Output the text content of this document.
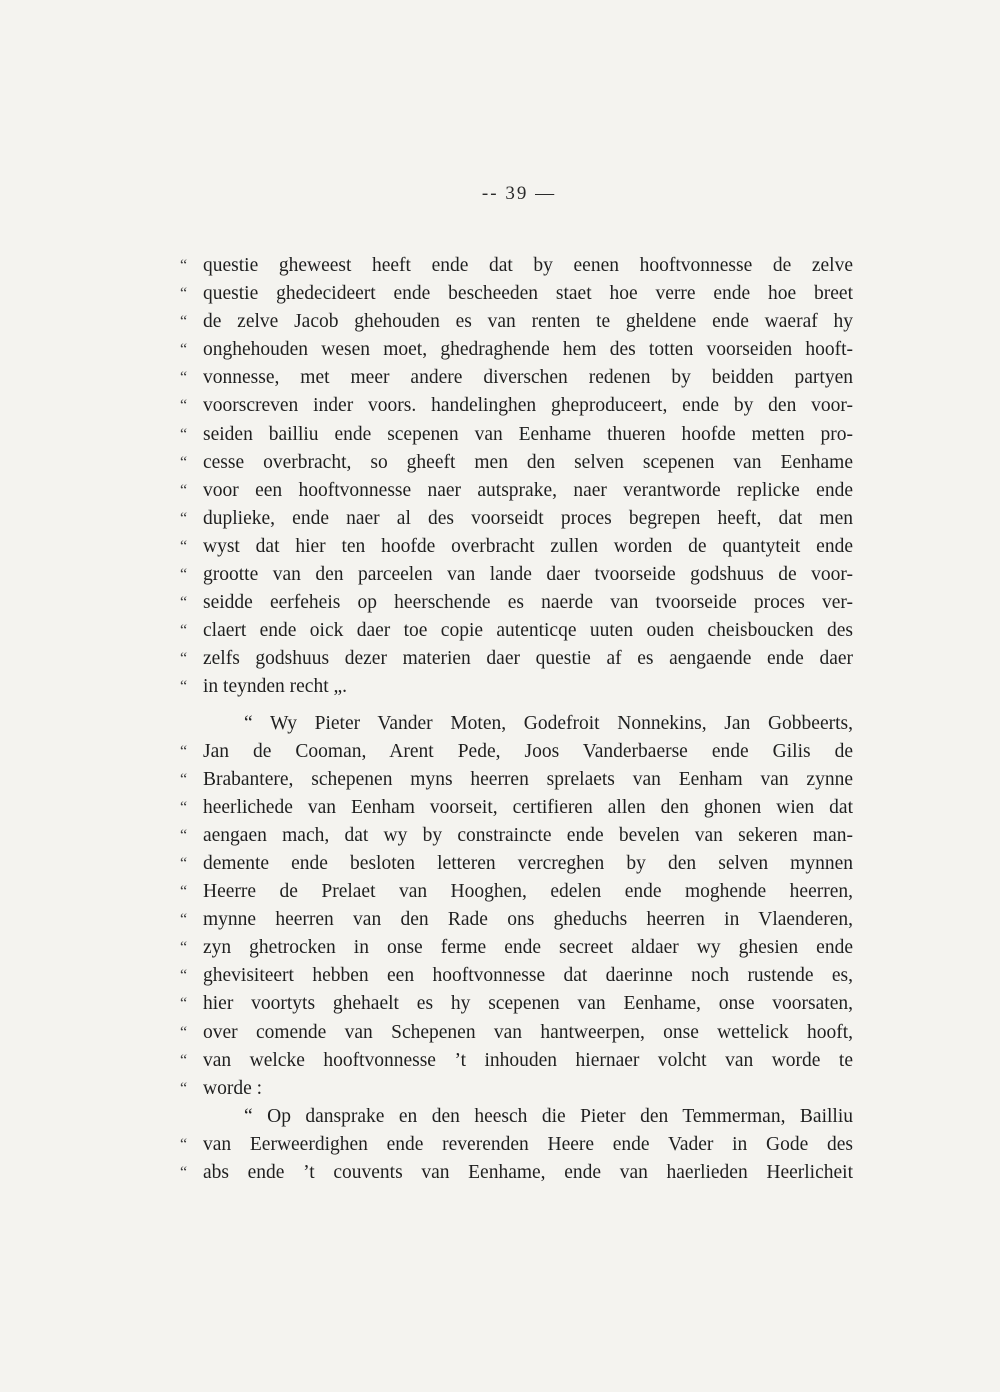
-- 39 —
“ questie gheweest heeft ende dat by eenen hooftvonnesse de zelve
“ questie ghedecideert ende bescheeden staet hoe verre ende hoe breet
“ de zelve Jacob ghehouden es van renten te gheldene ende waeraf hy
“ onghehouden wesen moet, ghedraghende hem des totten voorseiden hooft-
“ vonnesse, met meer andere diverschen redenen by beidden partyen
“ voorscreven inder voors. handelinghen gheproduceert, ende by den voor-
“ seiden bailliu ende scepenen van Eenhame thueren hoofde metten pro-
“ cesse overbracht, so gheeft men den selven scepenen van Eenhame
“ voor een hooftvonnesse naer autsprake, naer verantworde replicke ende
“ duplieke, ende naer al des voorseidt proces begrepen heeft, dat men
“ wyst dat hier ten hoofde overbracht zullen worden de quantyteit ende
“ grootte van den parceelen van lande daer tvoorseide godshuus de voor-
“ seidde eerfeheis op heerschende es naerde van tvoorseide proces ver-
“ claert ende oick daer toe copie autenticqe uuten ouden cheisboucken des
“ zelfs godshuus dezer materien daer questie af es aengaende ende daer
“ in teynden recht „.
“ Wy Pieter Vander Moten, Godefroit Nonnekins, Jan Gobbeerts,
“ Jan de Cooman, Arent Pede, Joos Vanderbaerse ende Gilis de
“ Brabantere, schepenen myns heerren sprelaets van Eenham van zynne
“ heerlichede van Eenham voorseit, certifieren allen den ghonen wien dat
“ aengaen mach, dat wy by constraincte ende bevelen van sekeren man-
“ demente ende besloten letteren vercreghen by den selven mynnen
“ Heerre de Prelaet van Hooghen, edelen ende moghende heerren,
“ mynne heerren van den Rade ons gheduchs heerren in Vlaenderen,
“ zyn ghetrocken in onse ferme ende secreet aldaer wy ghesien ende
“ ghevisiteert hebben een hooftvonnesse dat daerinne noch rustende es,
“ hier voortyts ghehaelt es hy scepenen van Eenhame, onse voorsaten,
“ over comende van Schepenen van hantweerpen, onse wettelick hooft,
“ van welcke hooftvonnesse ’t inhouden hiernaer volcht van worde te
“ worde :
“ Op dansprake en den heesch die Pieter den Temmerman, Bailliu
“ van Eerweerdighen ende reverenden Heere ende Vader in Gode des
“ abs ende ’t couvents van Eenhame, ende van haerlieden Heerlicheit
